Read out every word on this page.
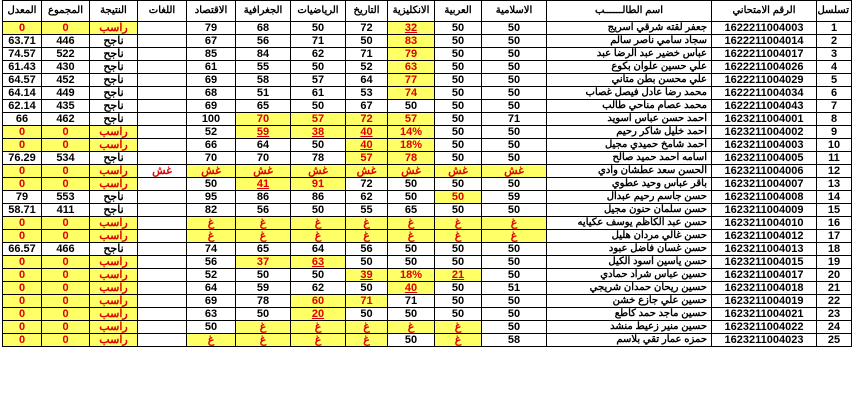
تسلسل	الرقم الامتحاني	اسم الطالــــــب	الاسلامية	العربية	الانكليزية	التاريخ	الرياضيات	الجغرافية	الاقتصاد	اللغات	النتيجة	المجموع	المعدل
1	1622211004003	جعفر لقته شرقي اسريج	50	50	32	72	50	68	79		راسب	0	0
2	1622211004014	سجاد سامي ناصر سالم	50	50	83	50	71	56	67		ناجح	446	63.71
3	1622211004017	عباس خضير عبد الرضا عبد	50	50	79	71	62	84	85		ناجح	522	74.57
4	1622211004026	علي حسين علوان بكوع	50	50	63	52	50	55	61		ناجح	430	61.43
5	1622211004029	علي محسن بطن متاني	50	50	77	64	57	58	69		ناجح	452	64.57
6	1622211004034	محمد رضا عادل فيصل غصاب	50	50	74	53	61	51	68		ناجح	449	64.14
7	1622211004043	محمد عصام مناحي طالب	50	50	50	67	50	65	69		ناجح	435	62.14
8	1623211004001	احمد حسن عباس اسويد	71	50	57	72	57	70	100		ناجح	462	66
9	1623211004002	احمد خليل شاكر رحيم	50	50	14%	40	38	59	52		راسب	0	0
10	1623211004003	احمد شامخ حميدي مجيل	50	50	18%	40	50	64	66		راسب	0	0
11	1623211004005	اسامه احمد حميد صالح	50	50	78	57	78	70	70		ناجح	534	76.29
12	1623211004006	الحسن سعد عطشان وادي	غش	غش	غش	غش	غش	غش	غش	غش	راسب	0	0
13	1623211004007	باقر عباس وحيد عطوي	50	50	50	72	91	41	50		راسب	0	0
14	1623211004008	حسن جاسم رحيم عبدال	59	50	50	62	86	86	95		ناجح	553	79
15	1623211004009	حسن سلمان حنون مجيل	50	50	65	55	50	56	82		ناجح	411	58.71
16	1623211004010	حسن عبد الكاظم يوسف عكيايه	غ	غ	غ	غ	غ	غ	غ		راسب	0	0
17	1623211004012	حسن غالي مردان هليل	غ	غ	غ	غ	غ	غ	غ		راسب	0	0
18	1623211004013	حسن غسان فاضل عبود	50	50	50	56	64	65	74		ناجح	466	66.57
19	1623211004015	حسن ياسين اسود الكيل	50	50	50	50	63	37	56		راسب	0	0
20	1623211004017	حسين عباس شراد حمادي	50	21	18%	39	50	50	52		راسب	0	0
21	1623211004018	حسين ريحان حمدان شريجي	51	50	40	50	62	59	64		راسب	0	0
22	1623211004019	حسين علي جازع خشن	50	50	71	71	60	78	69		راسب	0	0
23	1623211004021	حسين ماجد حمد كاطع	50	50	50	50	20	50	63		راسب	0	0
24	1623211004022	حسين منير زعيط منشد	50	غ	غ	غ	غ	غ	50		راسب	0	0
25	1623211004023	حمزه عمار تقي بلاسم	58	غ	50	غ	غ	غ	غ		راسب	0	0
